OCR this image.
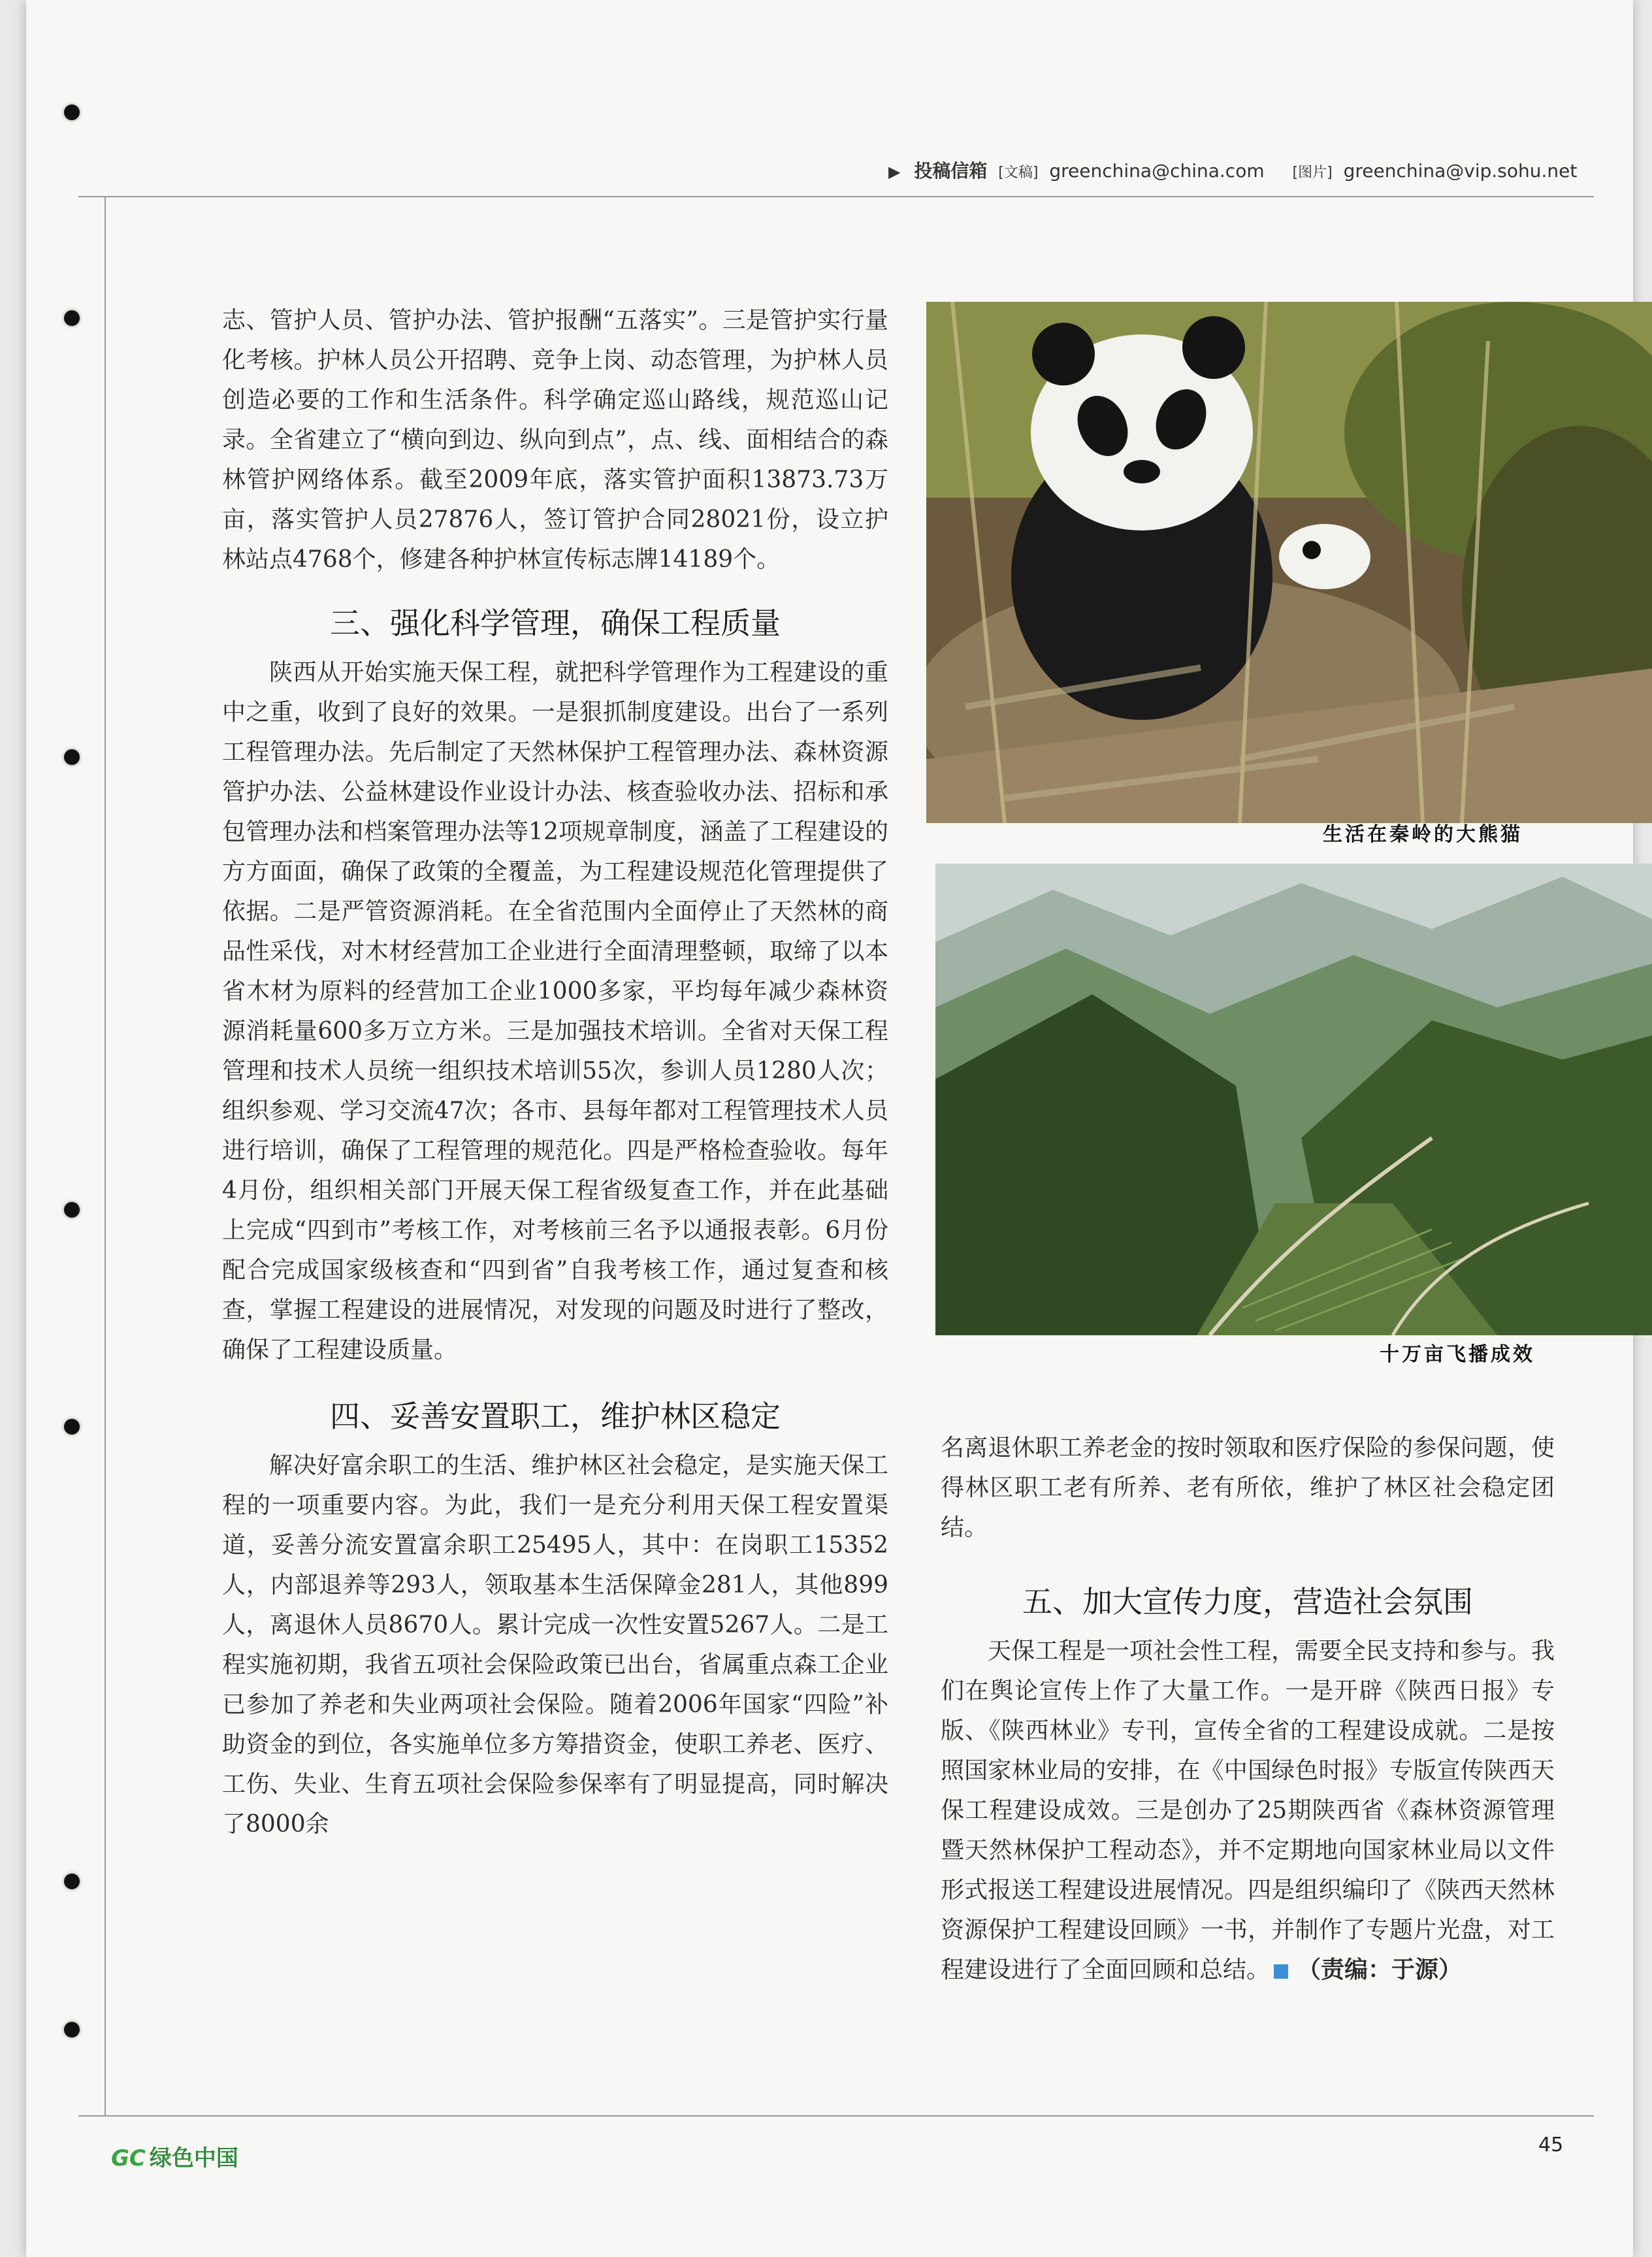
▶ 投稿信箱 [文稿] greenchina@china.com [图片] greenchina@vip.sohu.net

志、管护人员、管护办法、管护报酬“五落实”。三是管护实行量化考核。护林人员公开招聘、竞争上岗、动态管理，为护林人员创造必要的工作和生活条件。科学确定巡山路线，规范巡山记录。全省建立了“横向到边、纵向到点”，点、线、面相结合的森林管护网络体系。截至2009年底，落实管护面积13873.73万亩，落实管护人员27876人，签订管护合同28021份，设立护林站点4768个，修建各种护林宣传标志牌14189个。

三、强化科学管理，确保工程质量

陕西从开始实施天保工程，就把科学管理作为工程建设的重中之重，收到了良好的效果。一是狠抓制度建设。出台了一系列工程管理办法。先后制定了天然林保护工程管理办法、森林资源管护办法、公益林建设作业设计办法、核查验收办法、招标和承包管理办法和档案管理办法等12项规章制度，涵盖了工程建设的方方面面，确保了政策的全覆盖，为工程建设规范化管理提供了依据。二是严管资源消耗。在全省范围内全面停止了天然林的商品性采伐，对木材经营加工企业进行全面清理整顿，取缔了以本省木材为原料的经营加工企业1000多家，平均每年减少森林资源消耗量600多万立方米。三是加强技术培训。全省对天保工程管理和技术人员统一组织技术培训55次，参训人员1280人次；组织参观、学习交流47次；各市、县每年都对工程管理技术人员进行培训，确保了工程管理的规范化。四是严格检查验收。每年4月份，组织相关部门开展天保工程省级复查工作，并在此基础上完成“四到市”考核工作，对考核前三名予以通报表彰。6月份配合完成国家级核查和“四到省”自我考核工作，通过复查和核查，掌握工程建设的进展情况，对发现的问题及时进行了整改，确保了工程建设质量。

四、妥善安置职工，维护林区稳定

解决好富余职工的生活、维护林区社会稳定，是实施天保工程的一项重要内容。为此，我们一是充分利用天保工程安置渠道，妥善分流安置富余职工25495人，其中：在岗职工15352人，内部退养等293人，领取基本生活保障金281人，其他899人，离退休人员8670人。累计完成一次性安置5267人。二是工程实施初期，我省五项社会保险政策已出台，省属重点森工企业已参加了养老和失业两项社会保险。随着2006年国家“四险”补助资金的到位，各实施单位多方筹措资金，使职工养老、医疗、工伤、失业、生育五项社会保险参保率有了明显提高，同时解决了8000余

生活在秦岭的大熊猫
十万亩飞播成效

名离退休职工养老金的按时领取和医疗保险的参保问题，使得林区职工老有所养、老有所依，维护了林区社会稳定团结。

五、加大宣传力度，营造社会氛围

天保工程是一项社会性工程，需要全民支持和参与。我们在舆论宣传上作了大量工作。一是开辟《陕西日报》专版、《陕西林业》专刊，宣传全省的工程建设成就。二是按照国家林业局的安排，在《中国绿色时报》专版宣传陕西天保工程建设成效。三是创办了25期陕西省《森林资源管理暨天然林保护工程动态》，并不定期地向国家林业局以文件形式报送工程建设进展情况。四是组织编印了《陕西天然林资源保护工程建设回顾》一书，并制作了专题片光盘，对工程建设进行了全面回顾和总结。 （责编：于源）

GC 绿色中国
45
